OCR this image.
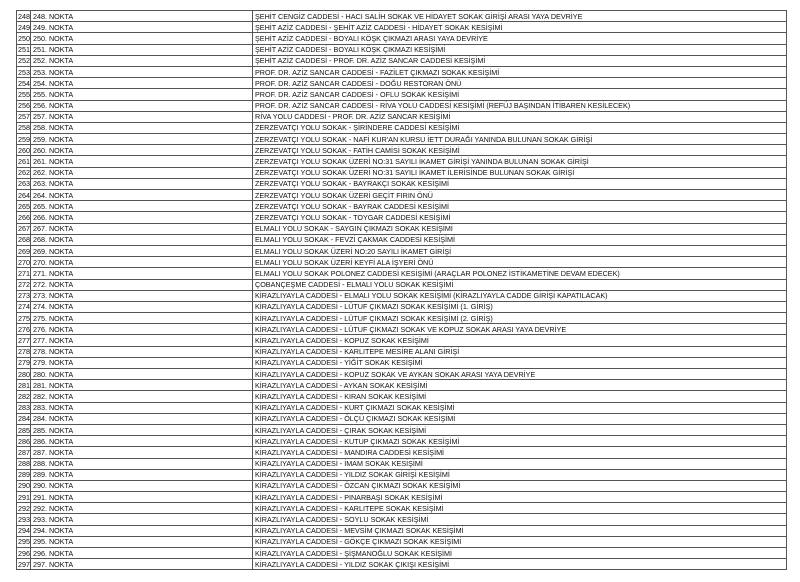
248	248. NOKTA	ŞEHİT CENGİZ CADDESİ - HACI SALİH SOKAK VE HİDAYET SOKAK GİRİŞİ ARASI YAYA DEVRİYE
249	249. NOKTA	ŞEHİT AZİZ CADDESİ - ŞEHİT AZİZ CADDESİ - HİDAYET SOKAK KESİŞİMİ
250	250. NOKTA	ŞEHİT AZİZ CADDESİ - BOYALI KÖŞK ÇIKMAZI ARASI YAYA DEVRİYE
251	251. NOKTA	ŞEHİT AZİZ CADDESİ - BOYALI KÖŞK ÇIKMAZI KESİŞİMİ
252	252. NOKTA	ŞEHİT AZİZ CADDESİ - PROF. DR. AZİZ SANCAR CADDESİ KESİŞİMİ
253	253. NOKTA	PROF. DR. AZİZ SANCAR CADDESİ - FAZİLET ÇIKMAZI SOKAK KESİŞİMİ
254	254. NOKTA	PROF. DR. AZİZ SANCAR CADDESİ - DOĞU RESTORAN ÖNÜ
255	255. NOKTA	PROF. DR. AZİZ SANCAR CADDESİ - OFLU SOKAK KESİŞİMİ
256	256. NOKTA	PROF. DR. AZİZ SANCAR CADDESİ - RİVA YOLU CADDESİ KESİŞİMİ (REFÜJ BAŞINDAN İTİBAREN KESİLECEK)
257	257. NOKTA	RİVA YOLU CADDESİ - PROF. DR. AZİZ SANCAR KESİŞİMİ
258	258. NOKTA	ZERZEVATÇI YOLU SOKAK - ŞİRİNDERE CADDESİ KESİŞİMİ
259	259. NOKTA	ZERZEVATÇI YOLU SOKAK - NAFİ KUR'AN KURSU İETT DURAĞI YANINDA BULUNAN SOKAK GİRİŞİ
260	260. NOKTA	ZERZEVATÇI YOLU SOKAK - FATİH CAMİSİ SOKAK KESİŞİMİ
261	261. NOKTA	ZERZEVATÇI YOLU SOKAK ÜZERİ NO:31 SAYILI İKAMET GİRİŞİ YANINDA BULUNAN SOKAK GİRİŞİ
262	262. NOKTA	ZERZEVATÇI YOLU SOKAK ÜZERİ NO:31 SAYILI İKAMET İLERİSİNDE BULUNAN SOKAK GİRİŞİ
263	263. NOKTA	ZERZEVATÇI YOLU SOKAK - BAYRAKÇI SOKAK KESİŞİMİ
264	264. NOKTA	ZERZEVATÇI YOLU SOKAK ÜZERİ GEÇİT FIRIN ÖNÜ
265	265. NOKTA	ZERZEVATÇI YOLU SOKAK - BAYRAK CADDESİ KESİŞİMİ
266	266. NOKTA	ZERZEVATÇI YOLU SOKAK - TOYGAR CADDESİ KESİŞİMİ
267	267. NOKTA	ELMALI YOLU SOKAK - SAYGIN ÇIKMAZI SOKAK KESİŞİMİ
268	268. NOKTA	ELMALI YOLU SOKAK - FEVZİ ÇAKMAK CADDESİ KESİŞİMİ
269	269. NOKTA	ELMALI YOLU SOKAK ÜZERİ NO:20 SAYILI İKAMET GİRİŞİ
270	270. NOKTA	ELMALI YOLU SOKAK ÜZERİ KEYFİ ALA İŞYERİ ÖNÜ
271	271. NOKTA	ELMALI YOLU SOKAK POLONEZ CADDESİ KESİŞİMİ (ARAÇLAR POLONEZ İSTİKAMETİNE DEVAM EDECEK)
272	272. NOKTA	ÇOBANÇEŞME CADDESİ - ELMALI YOLU SOKAK KESİŞİMİ
273	273. NOKTA	KİRAZLIYAYLA CADDESİ - ELMALI YOLU SOKAK KESİŞİMİ (KİRAZLIYAYLA CADDE GİRİŞİ KAPATILACAK)
274	274. NOKTA	KİRAZLIYAYLA CADDESİ - LÜTUF ÇIKMAZI SOKAK KESİŞİMİ (1. GİRİŞ)
275	275. NOKTA	KİRAZLIYAYLA CADDESİ - LÜTUF ÇIKMAZI SOKAK KESİŞİMİ (2. GİRİŞ)
276	276. NOKTA	KİRAZLIYAYLA CADDESİ - LÜTUF ÇIKMAZI SOKAK VE KOPUZ SOKAK ARASI YAYA DEVRİYE
277	277. NOKTA	KİRAZLIYAYLA CADDESİ - KOPUZ SOKAK KESİŞİMİ
278	278. NOKTA	KİRAZLIYAYLA CADDESİ - KARLITEPE MESİRE ALANI GİRİŞİ
279	279. NOKTA	KİRAZLIYAYLA CADDESİ - YİĞİT SOKAK KESİŞİMİ
280	280. NOKTA	KİRAZLIYAYLA CADDESİ - KOPUZ SOKAK VE AYKAN SOKAK ARASI YAYA DEVRİYE
281	281. NOKTA	KİRAZLIYAYLA CADDESİ - AYKAN SOKAK KESİŞİMİ
282	282. NOKTA	KİRAZLIYAYLA CADDESİ - KIRAN SOKAK KESİŞİMİ
283	283. NOKTA	KİRAZLIYAYLA CADDESİ - KURT ÇIKMAZI SOKAK KESİŞİMİ
284	284. NOKTA	KİRAZLIYAYLA CADDESİ - ÖLÇÜ ÇIKMAZI SOKAK KESİŞİMİ
285	285. NOKTA	KİRAZLIYAYLA CADDESİ - ÇIRAK SOKAK KESİŞİMİ
286	286. NOKTA	KİRAZLIYAYLA CADDESİ - KUTUP ÇIKMAZI SOKAK KESİŞİMİ
287	287. NOKTA	KİRAZLIYAYLA CADDESİ - MANDIRA CADDESİ KESİŞİMİ
288	288. NOKTA	KİRAZLIYAYLA CADDESİ - İMAM SOKAK KESİŞİMİ
289	289. NOKTA	KİRAZLIYAYLA CADDESİ - YILDIZ SOKAK GİRİŞİ KESİŞİMİ
290	290. NOKTA	KİRAZLIYAYLA CADDESİ - ÖZCAN ÇIKMAZI SOKAK KESİŞİMİ
291	291. NOKTA	KİRAZLIYAYLA CADDESİ - PINARBAŞI SOKAK KESİŞİMİ
292	292. NOKTA	KİRAZLIYAYLA CADDESİ - KARLITEPE SOKAK KESİŞİMİ
293	293. NOKTA	KİRAZLIYAYLA CADDESİ - SOYLU SOKAK KESİŞİMİ
294	294. NOKTA	KİRAZLIYAYLA CADDESİ - MEVSİM ÇIKMAZI SOKAK KESİŞİMİ
295	295. NOKTA	KİRAZLIYAYLA CADDESİ - GÖKÇE ÇIKMAZI SOKAK KESİŞİMİ
296	296. NOKTA	KİRAZLIYAYLA CADDESİ - ŞİŞMANOĞLU SOKAK KESİŞİMİ
297	297. NOKTA	KİRAZLIYAYLA CADDESİ - YILDIZ SOKAK ÇIKIŞI KESİŞİMİ
